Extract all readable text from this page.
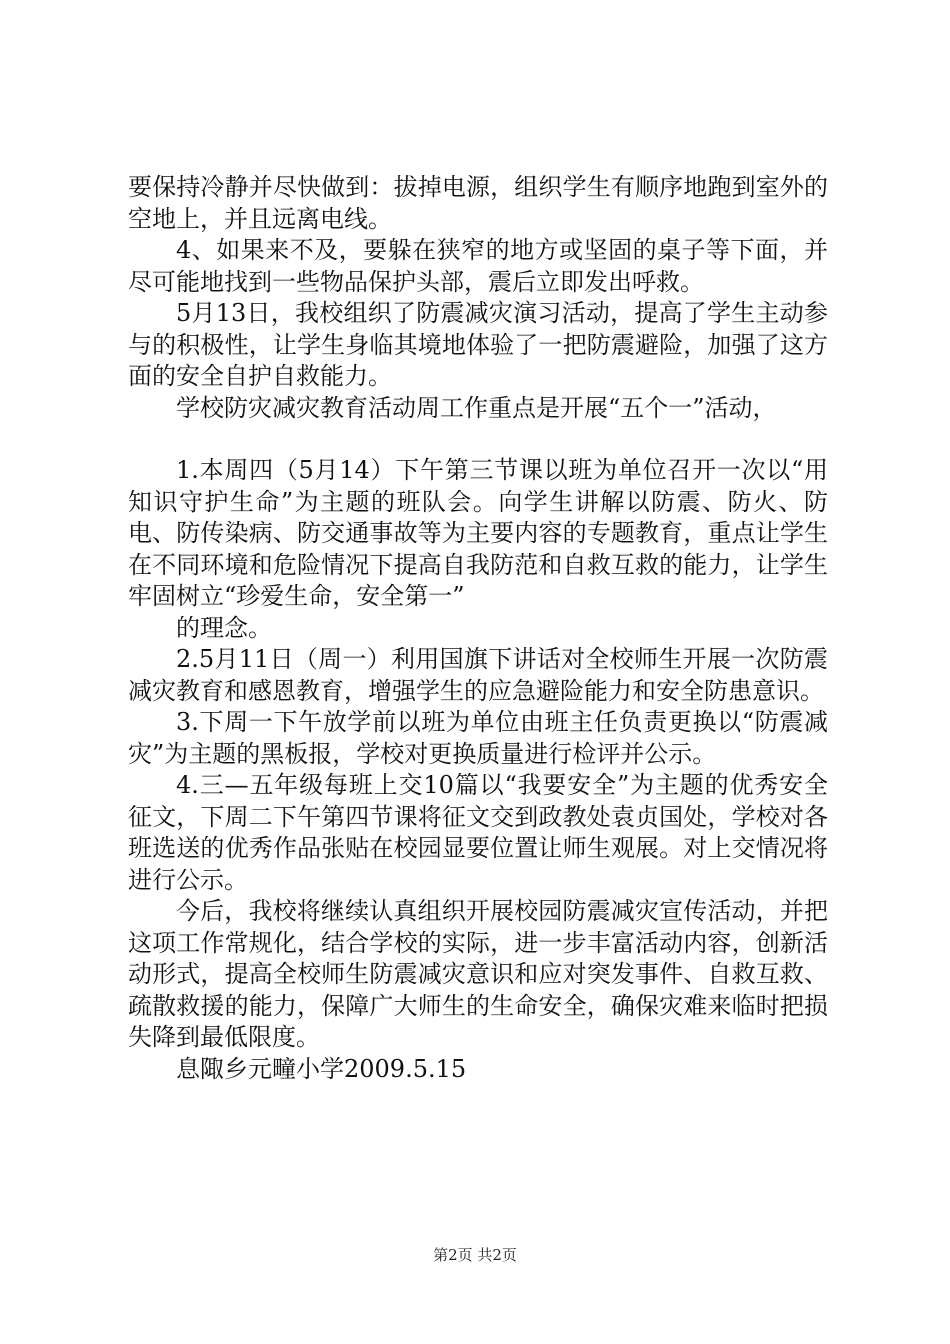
要保持冷静并尽快做到：拔掉电源，组织学生有顺序地跑到室外的空地上，并且远离电线。

4、如果来不及，要躲在狭窄的地方或坚固的桌子等下面，并尽可能地找到一些物品保护头部，震后立即发出呼救。

5月13日，我校组织了防震减灾演习活动，提高了学生主动参与的积极性，让学生身临其境地体验了一把防震避险，加强了这方面的安全自护自救能力。

学校防灾减灾教育活动周工作重点是开展“五个一”活动，

1.本周四（5月14）下午第三节课以班为单位召开一次以“用知识守护生命”为主题的班队会。向学生讲解以防震、防火、防电、防传染病、防交通事故等为主要内容的专题教育，重点让学生在不同环境和危险情况下提高自我防范和自救互救的能力，让学生牢固树立“珍爱生命，安全第一”

的理念。

2.5月11日（周一）利用国旗下讲话对全校师生开展一次防震减灾教育和感恩教育，增强学生的应急避险能力和安全防患意识。

3.下周一下午放学前以班为单位由班主任负责更换以“防震减灾”为主题的黑板报，学校对更换质量进行检评并公示。

4.三—五年级每班上交10篇以“我要安全”为主题的优秀安全征文，下周二下午第四节课将征文交到政教处袁贞国处，学校对各班选送的优秀作品张贴在校园显要位置让师生观展。对上交情况将进行公示。

今后，我校将继续认真组织开展校园防震减灾宣传活动，并把这项工作常规化，结合学校的实际，进一步丰富活动内容，创新活动形式，提高全校师生防震减灾意识和应对突发事件、自救互救、疏散救援的能力，保障广大师生的生命安全，确保灾难来临时把损失降到最低限度。

息陬乡元疃小学2009.5.15

第2页 共2页
